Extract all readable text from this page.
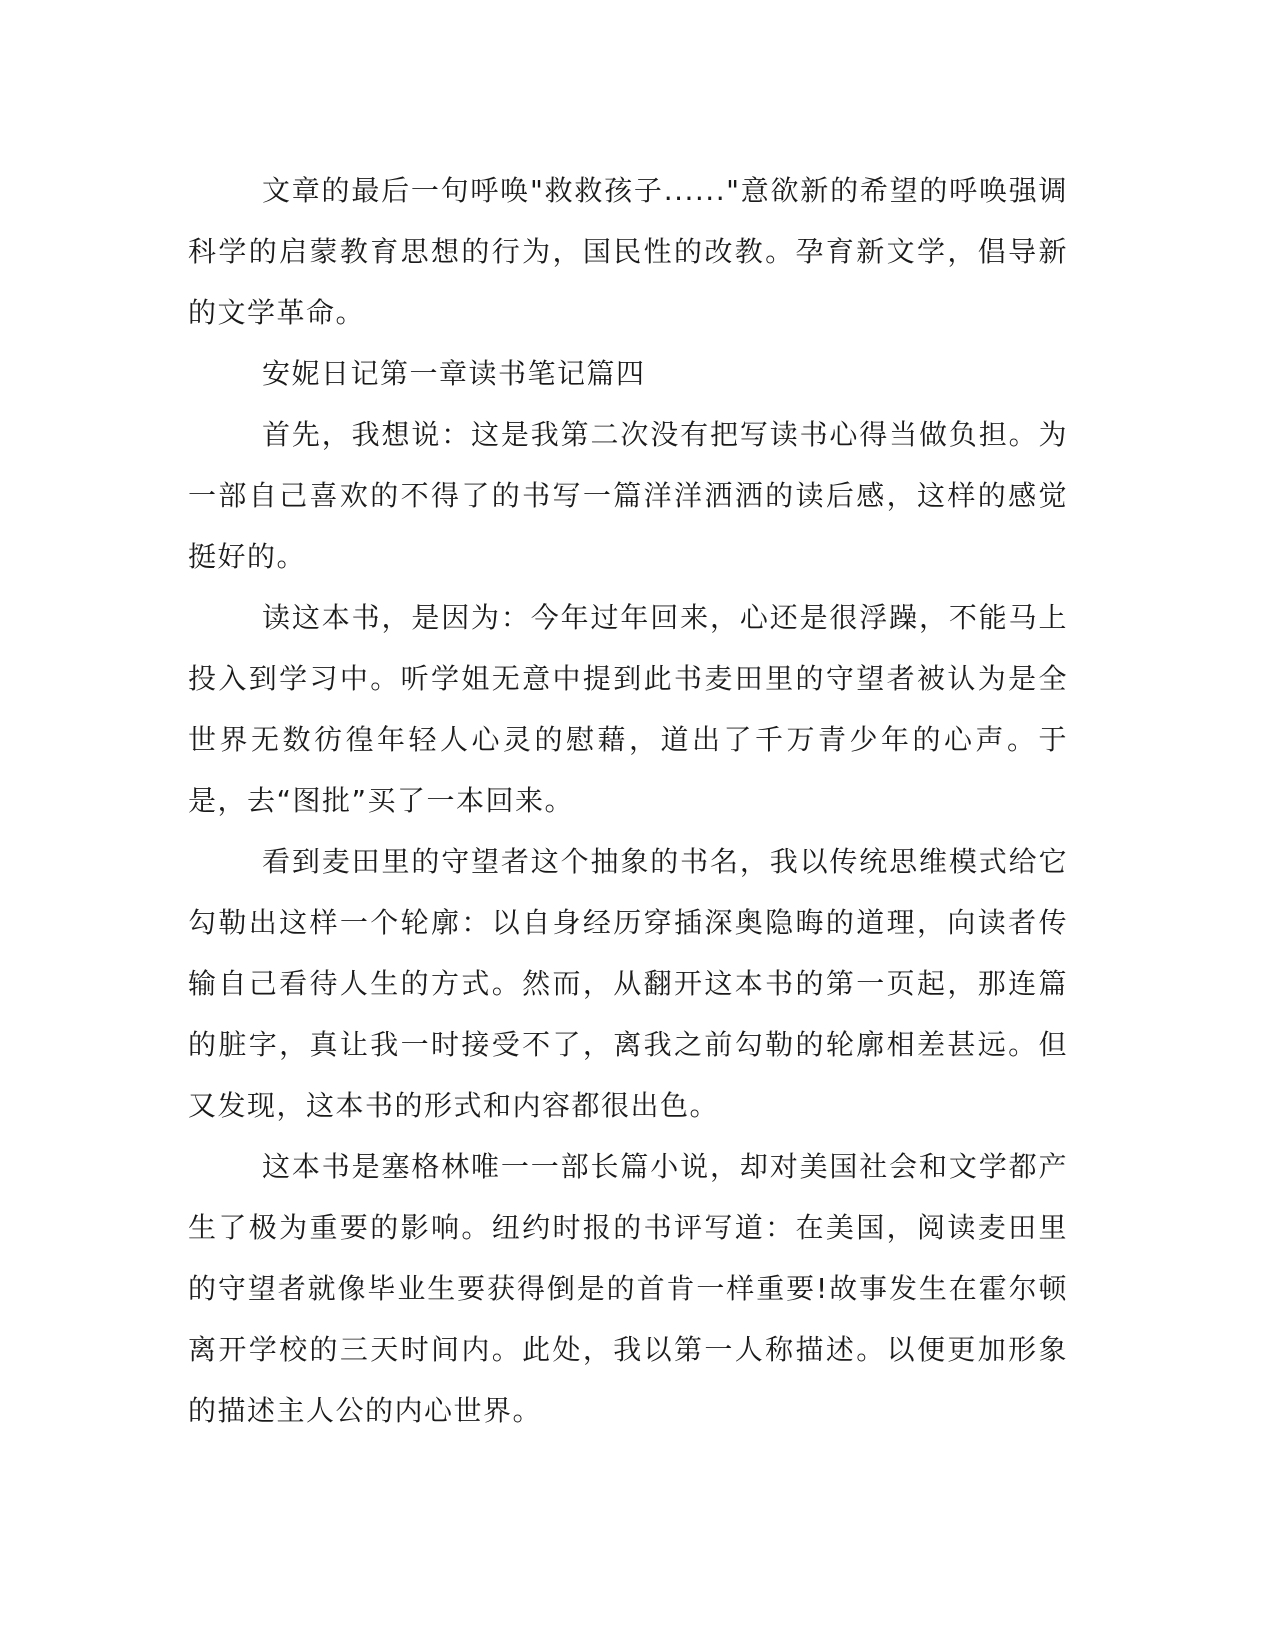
文章的最后一句呼唤"救救孩子......"意欲新的希望的呼唤强调科学的启蒙教育思想的行为，国民性的改教。孕育新文学，倡导新的文学革命。

安妮日记第一章读书笔记篇四

首先，我想说：这是我第二次没有把写读书心得当做负担。为一部自己喜欢的不得了的书写一篇洋洋洒洒的读后感，这样的感觉挺好的。

读这本书，是因为：今年过年回来，心还是很浮躁，不能马上投入到学习中。听学姐无意中提到此书麦田里的守望者被认为是全世界无数彷徨年轻人心灵的慰藉，道出了千万青少年的心声。于是，去“图批”买了一本回来。

看到麦田里的守望者这个抽象的书名，我以传统思维模式给它勾勒出这样一个轮廓：以自身经历穿插深奥隐晦的道理，向读者传输自己看待人生的方式。然而，从翻开这本书的第一页起，那连篇的脏字，真让我一时接受不了，离我之前勾勒的轮廓相差甚远。但又发现，这本书的形式和内容都很出色。

这本书是塞格林唯一一部长篇小说，却对美国社会和文学都产生了极为重要的影响。纽约时报的书评写道：在美国，阅读麦田里的守望者就像毕业生要获得倒是的首肯一样重要!故事发生在霍尔顿离开学校的三天时间内。此处，我以第一人称描述。以便更加形象的描述主人公的内心世界。
